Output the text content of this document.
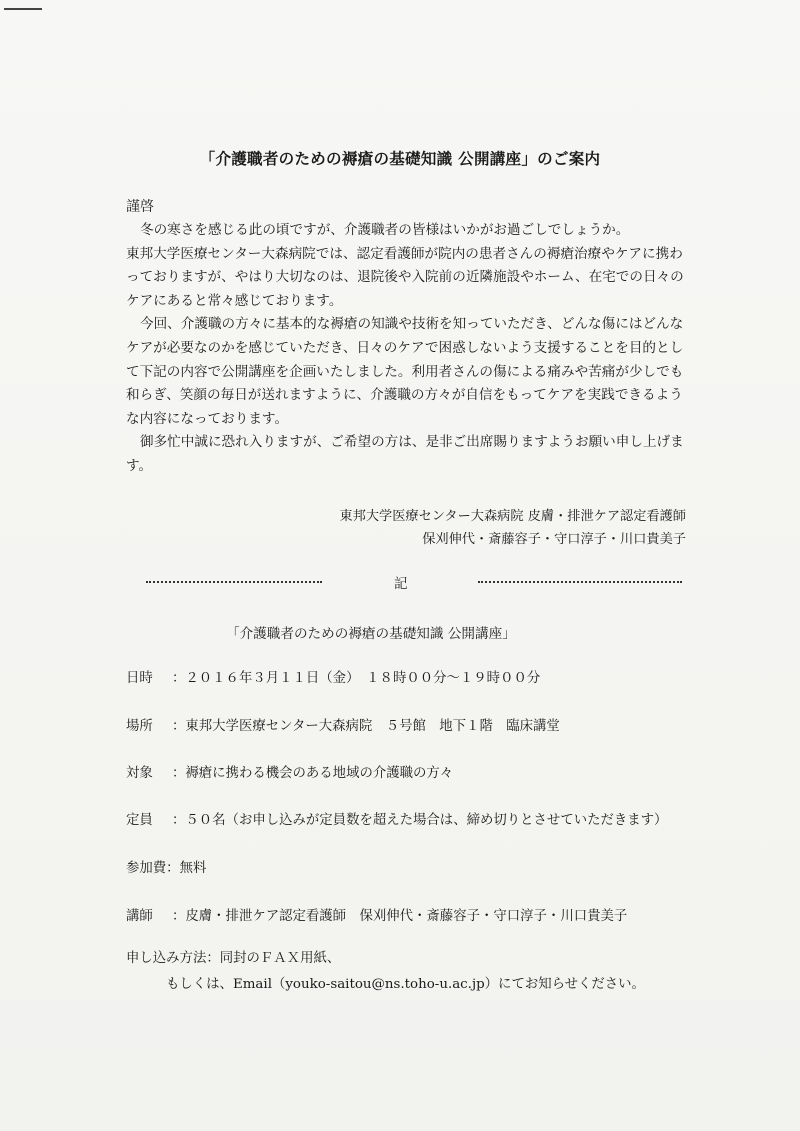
「介護職者のための褥瘡の基礎知識 公開講座」のご案内
謹啓

冬の寒さを感じる此の頃ですが、介護職者の皆様はいかがお過ごしでしょうか。

東邦大学医療センター大森病院では、認定看護師が院内の患者さんの褥瘡治療やケアに携わっておりますが、やはり大切なのは、退院後や入院前の近隣施設やホーム、在宅での日々のケアにあると常々感じております。

今回、介護職の方々に基本的な褥瘡の知識や技術を知っていただき、どんな傷にはどんなケアが必要なのかを感じていただき、日々のケアで困惑しないよう支援することを目的として下記の内容で公開講座を企画いたしました。利用者さんの傷による痛みや苦痛が少しでも和らぎ、笑顔の毎日が送れますように、介護職の方々が自信をもってケアを実践できるような内容になっております。

御多忙中誠に恐れ入りますが、ご希望の方は、是非ご出席賜りますようお願い申し上げます。

東邦大学医療センター大森病院 皮膚・排泄ケア認定看護師
保刈伸代・斎藤容子・守口淳子・川口貴美子
記
「介護職者のための褥瘡の基礎知識 公開講座」
日時 ：２０１６年３月１１日（金）　１８時００分～１９時００分
場所 ：東邦大学医療センター大森病院　５号館　地下１階　臨床講堂
対象 ：褥瘡に携わる機会のある地域の介護職の方々
定員 ：５０名（お申し込みが定員数を超えた場合は、締め切りとさせていただきます）
参加費：無料
講師 ：皮膚・排泄ケア認定看護師　保刈伸代・斎藤容子・守口淳子・川口貴美子
申し込み方法：同封のＦＡＸ用紙、
もしくは、Email（youko-saitou@ns.toho-u.ac.jp）にてお知らせください。
